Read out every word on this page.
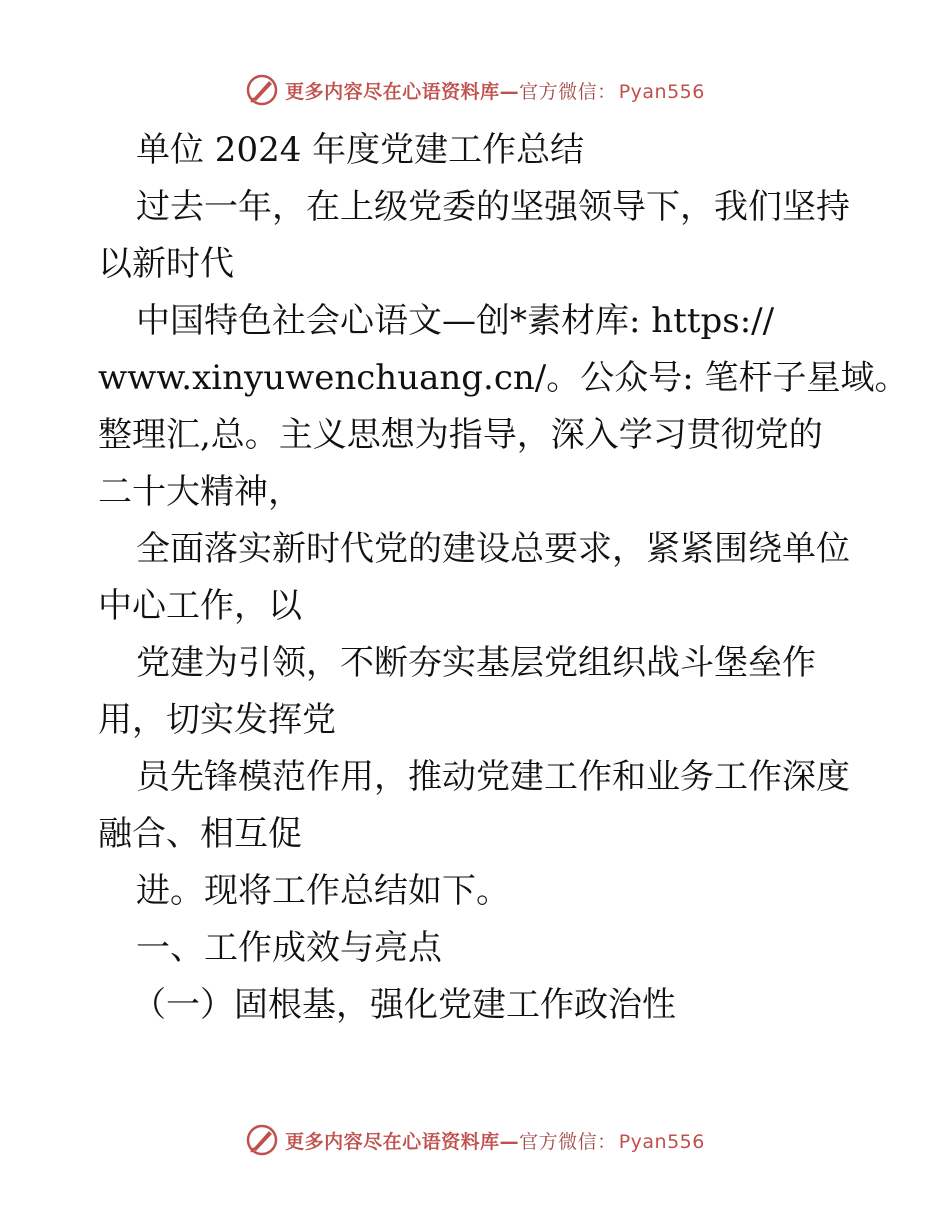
更多内容尽在心语资料库— 官方微信： Pyan556
单位 2024 年度党建工作总结
过去一年，在上级党委的坚强领导下，我们坚持
以新时代
中国特色社会心语文—创*素材库: https://
www.xinyuwenchuang.cn/。公众号: 笔杆子星域。
整理汇,总。主义思想为指导，深入学习贯彻党的
二十大精神，
全面落实新时代党的建设总要求，紧紧围绕单位
中心工作，以
党建为引领，不断夯实基层党组织战斗堡垒作
用，切实发挥党
员先锋模范作用，推动党建工作和业务工作深度
融合、相互促
进。现将工作总结如下。
一、工作成效与亮点
（一）固根基，强化党建工作政治性
更多内容尽在心语资料库— 官方微信： Pyan556
